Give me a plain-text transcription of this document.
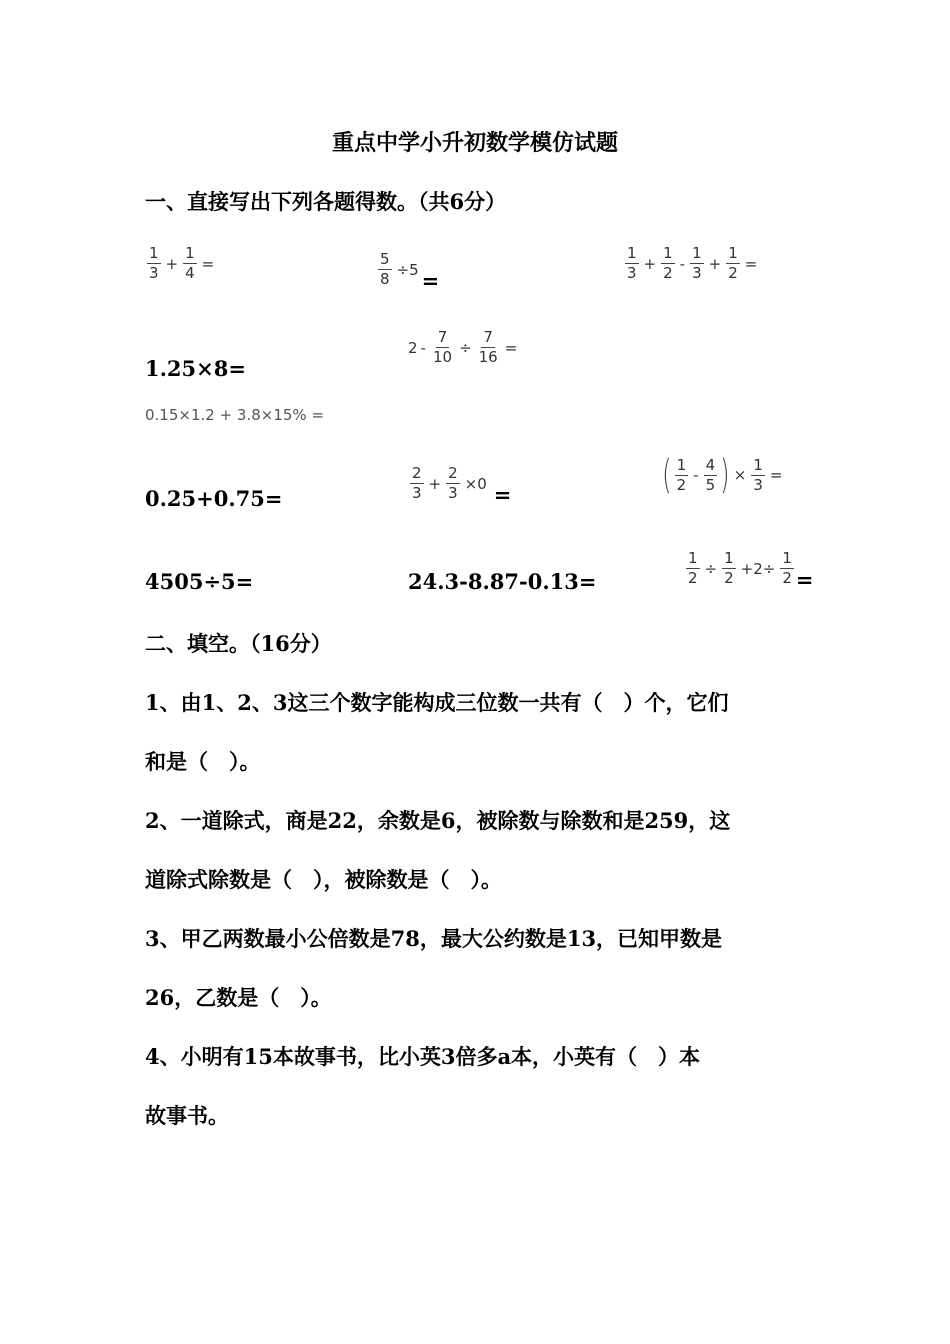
重点中学小升初数学模仿试题
一、直接写出下列各题得数。（共6分）
$\frac{1}{3} + \frac{1}{4}$ =	$\frac{5}{8} \div 5$ =	$\frac{1}{3} + \frac{1}{2} - \frac{1}{3} + \frac{1}{2}$ =
1.25×8=
$2 - \frac{7}{10} \div \frac{7}{16}$ =
0.15×1.2 + 3.8×15% =
0.25+0.75=	$\frac{2}{3} + \frac{2}{3} \times 0$ =	( $\frac{1}{2} - \frac{4}{5}$ ) × $\frac{1}{3}$ =
4505÷5=	24.3-8.87-0.13=	$\frac{1}{2} \div \frac{1}{2} +2\div \frac{1}{2}$ =
二、填空。（16分）
1、由1、2、3这三个数字能构成三位数一共有（　）个，它们
和是（　）。
2、一道除式，商是22，余数是6，被除数与除数和是259，这
道除式除数是（　），被除数是（　）。
3、甲乙两数最小公倍数是78，最大公约数是13，已知甲数是
26，乙数是（　）。
4、小明有15本故事书，比小英3倍多a本，小英有（　）本
故事书。
